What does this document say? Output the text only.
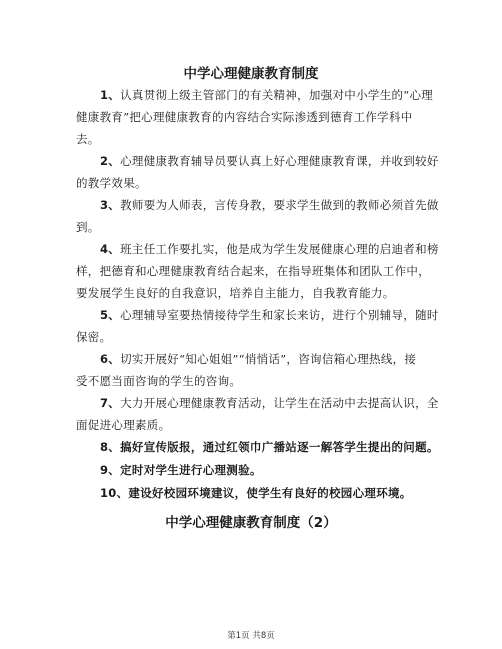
中学心理健康教育制度
1、认真贯彻上级主管部门的有关精神，加强对中小学生的“心理
健康教育”把心理健康教育的内容结合实际渗透到德育工作学科中
去。
2、心理健康教育辅导员要认真上好心理健康教育课，并收到较好
的教学效果。
3、教师要为人师表，言传身教，要求学生做到的教师必须首先做
到。
4、班主任工作要扎实，他是成为学生发展健康心理的启迪者和榜
样，把德育和心理健康教育结合起来，在指导班集体和团队工作中，
要发展学生良好的自我意识，培养自主能力，自我教育能力。
5、心理辅导室要热情接待学生和家长来访，进行个别辅导，随时
保密。
6、切实开展好“知心姐姐”“悄悄话”，咨询信箱心理热线，接
受不愿当面咨询的学生的咨询。
7、大力开展心理健康教育活动，让学生在活动中去提高认识，全
面促进心理素质。
8、搞好宣传版报，通过红领巾广播站逐一解答学生提出的问题。
9、定时对学生进行心理测验。
10、建设好校园环境建议，使学生有良好的校园心理环境。
中学心理健康教育制度（2）
第1页 共8页
